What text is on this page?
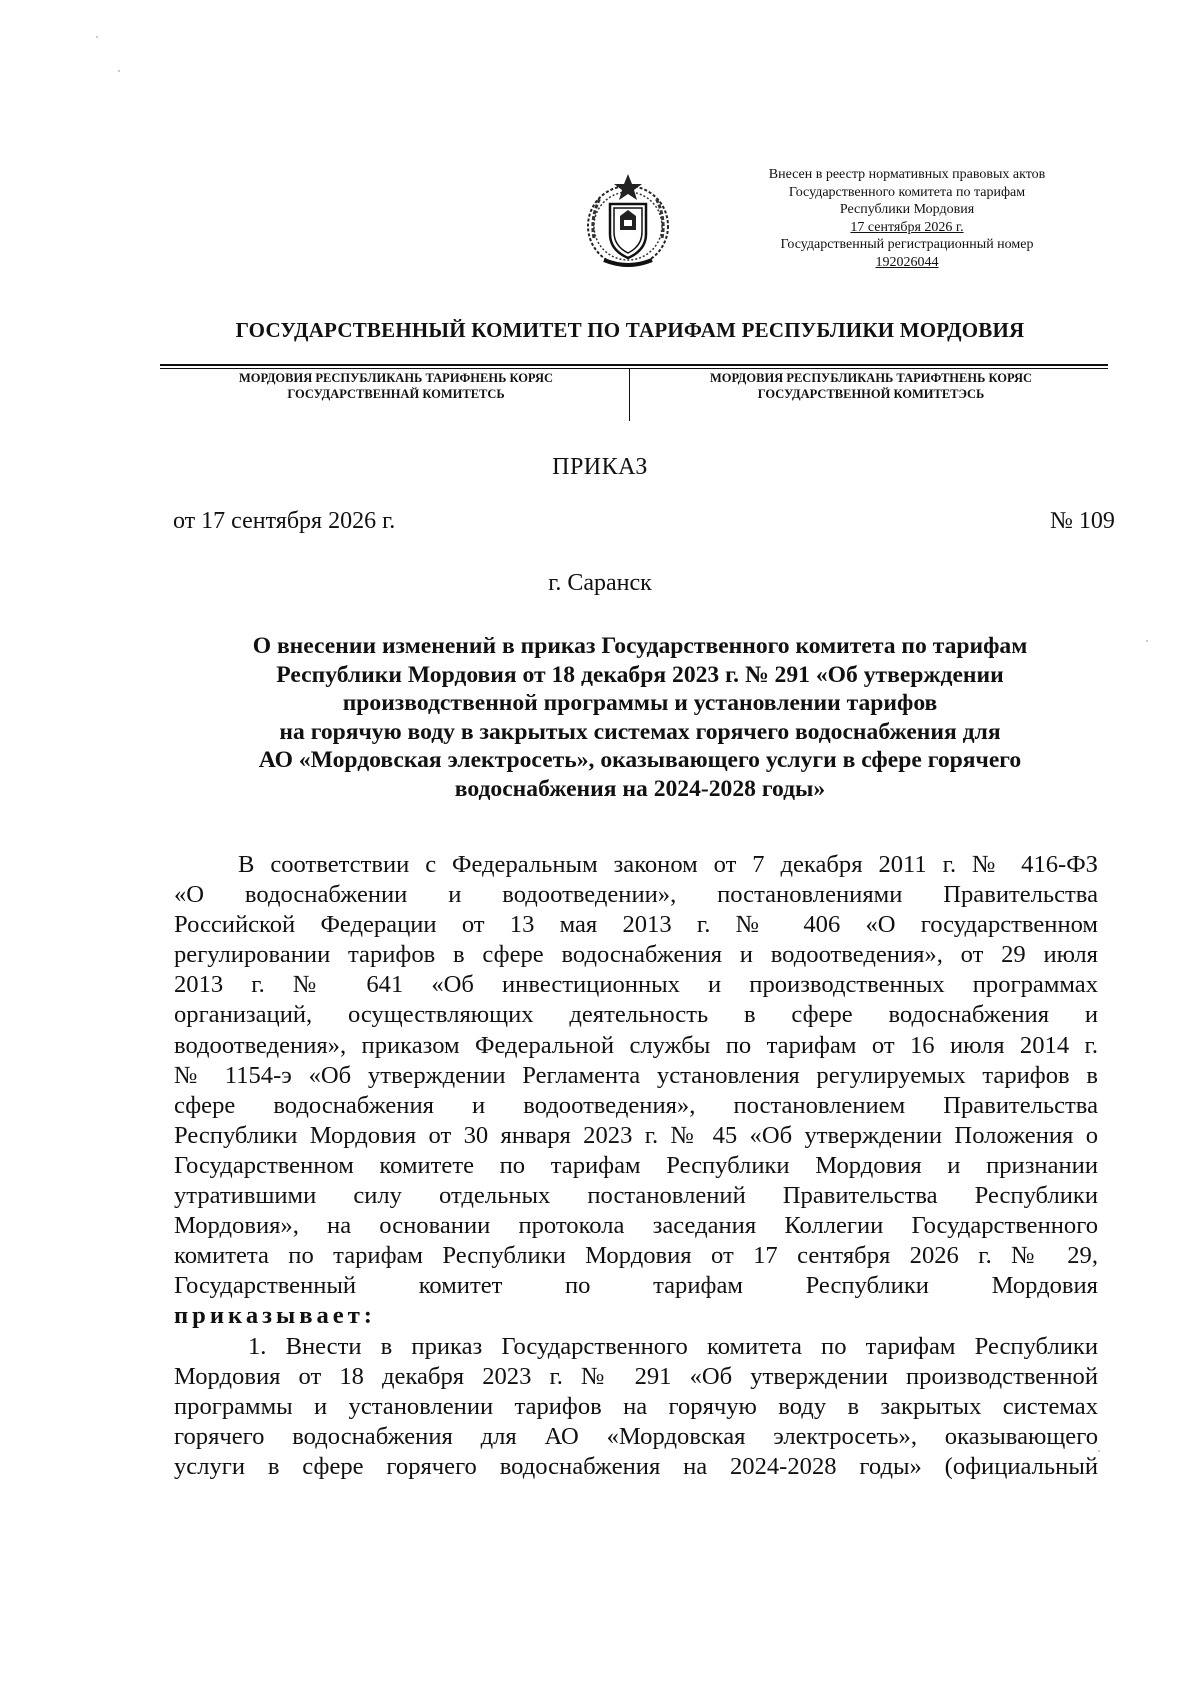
Внесен в реестр нормативных правовых актов
Государственного комитета по тарифам
Республики Мордовия
17 сентября 2026 г.
Государственный регистрационный номер
192026044
ГОСУДАРСТВЕННЫЙ КОМИТЕТ ПО ТАРИФАМ РЕСПУБЛИКИ МОРДОВИЯ
МОРДОВИЯ РЕСПУБЛИКАНЬ ТАРИФНЕНЬ КОРЯС
ГОСУДАРСТВЕННАЙ КОМИТЕТСЬ
МОРДОВИЯ РЕСПУБЛИКАНЬ ТАРИФТНЕНЬ КОРЯС
ГОСУДАРСТВЕННОЙ КОМИТЕТЭСЬ
ПРИКАЗ
от 17 сентября 2026 г.	№ 109
г. Саранск
О внесении изменений в приказ Государственного комитета по тарифам
Республики Мордовия от 18 декабря 2023 г. № 291 «Об утверждении
производственной программы и установлении тарифов
на горячую воду в закрытых системах горячего водоснабжения для
АО «Мордовская электросеть», оказывающего услуги в сфере горячего
водоснабжения на 2024-2028 годы»
В соответствии с Федеральным законом от 7 декабря 2011 г. № 416-ФЗ
«О водоснабжении и водоотведении», постановлениями Правительства
Российской Федерации от 13 мая 2013 г. № 406 «О государственном
регулировании тарифов в сфере водоснабжения и водоотведения», от 29 июля
2013 г. № 641 «Об инвестиционных и производственных программах
организаций, осуществляющих деятельность в сфере водоснабжения и
водоотведения», приказом Федеральной службы по тарифам от 16 июля 2014 г.
№ 1154-э «Об утверждении Регламента установления регулируемых тарифов в
сфере водоснабжения и водоотведения», постановлением Правительства
Республики Мордовия от 30 января 2023 г. № 45 «Об утверждении Положения о
Государственном комитете по тарифам Республики Мордовия и признании
утратившими силу отдельных постановлений Правительства Республики
Мордовия», на основании протокола заседания Коллегии Государственного
комитета по тарифам Республики Мордовия от 17 сентября 2026 г. № 29,
Государственный комитет по тарифам Республики Мордовия
приказывает:
1. Внести в приказ Государственного комитета по тарифам Республики
Мордовия от 18 декабря 2023 г. № 291 «Об утверждении производственной
программы и установлении тарифов на горячую воду в закрытых системах
горячего водоснабжения для АО «Мордовская электросеть», оказывающего
услуги в сфере горячего водоснабжения на 2024-2028 годы» (официальный
